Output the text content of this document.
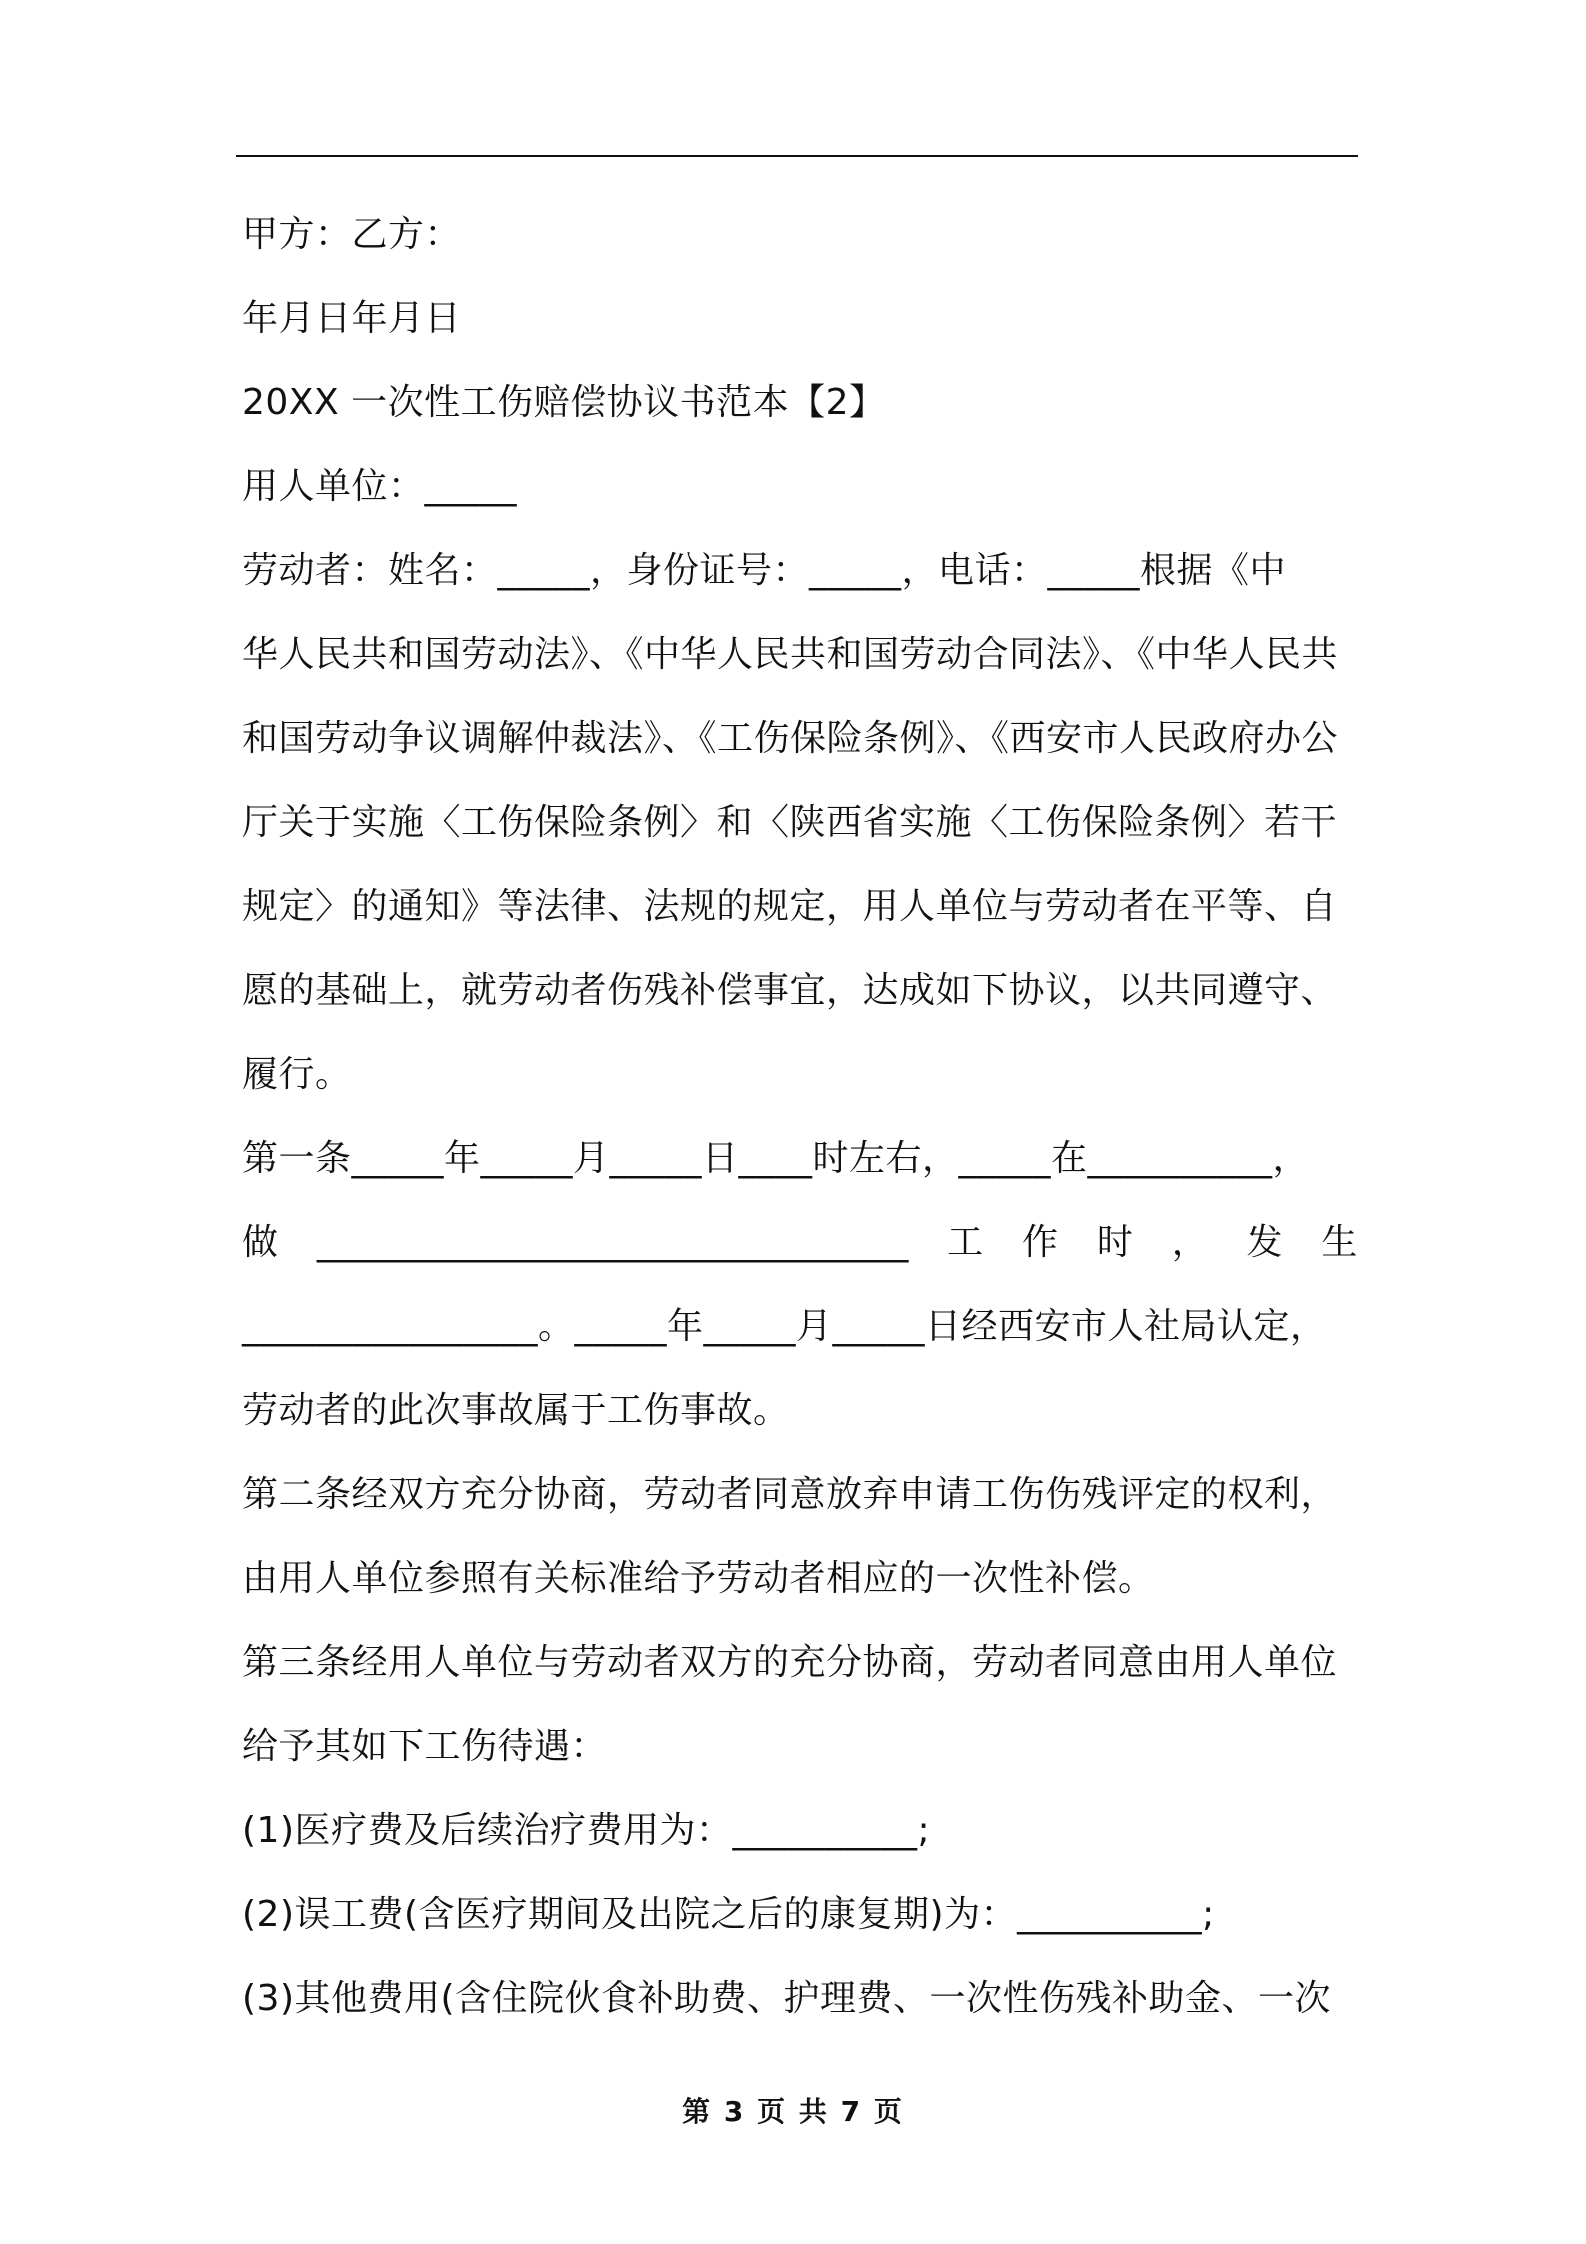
甲方：乙方：
年月日年月日
20XX 一次性工伤赔偿协议书范本【2】
用人单位：_____
劳动者：姓名：_____，身份证号：_____，电话：_____根据《中
华人民共和国劳动法》、《中华人民共和国劳动合同法》、《中华人民共
和国劳动争议调解仲裁法》、《工伤保险条例》、《西安市人民政府办公
厅关于实施〈工伤保险条例〉和〈陕西省实施〈工伤保险条例〉若干
规定〉的通知》等法律、法规的规定，用人单位与劳动者在平等、自
愿的基础上，就劳动者伤残补偿事宜，达成如下协议，以共同遵守、
履行。
第一条_____年_____月_____日____时左右，_____在__________，
做 ________________________________ 工 作 时 ， 发 生
________________。_____年_____月_____日经西安市人社局认定，
劳动者的此次事故属于工伤事故。
第二条经双方充分协商，劳动者同意放弃申请工伤伤残评定的权利，
由用人单位参照有关标准给予劳动者相应的一次性补偿。
第三条经用人单位与劳动者双方的充分协商，劳动者同意由用人单位
给予其如下工伤待遇：
(1)医疗费及后续治疗费用为：__________;
(2)误工费(含医疗期间及出院之后的康复期)为：__________;
(3)其他费用(含住院伙食补助费、护理费、一次性伤残补助金、一次
第 3 页 共 7 页
